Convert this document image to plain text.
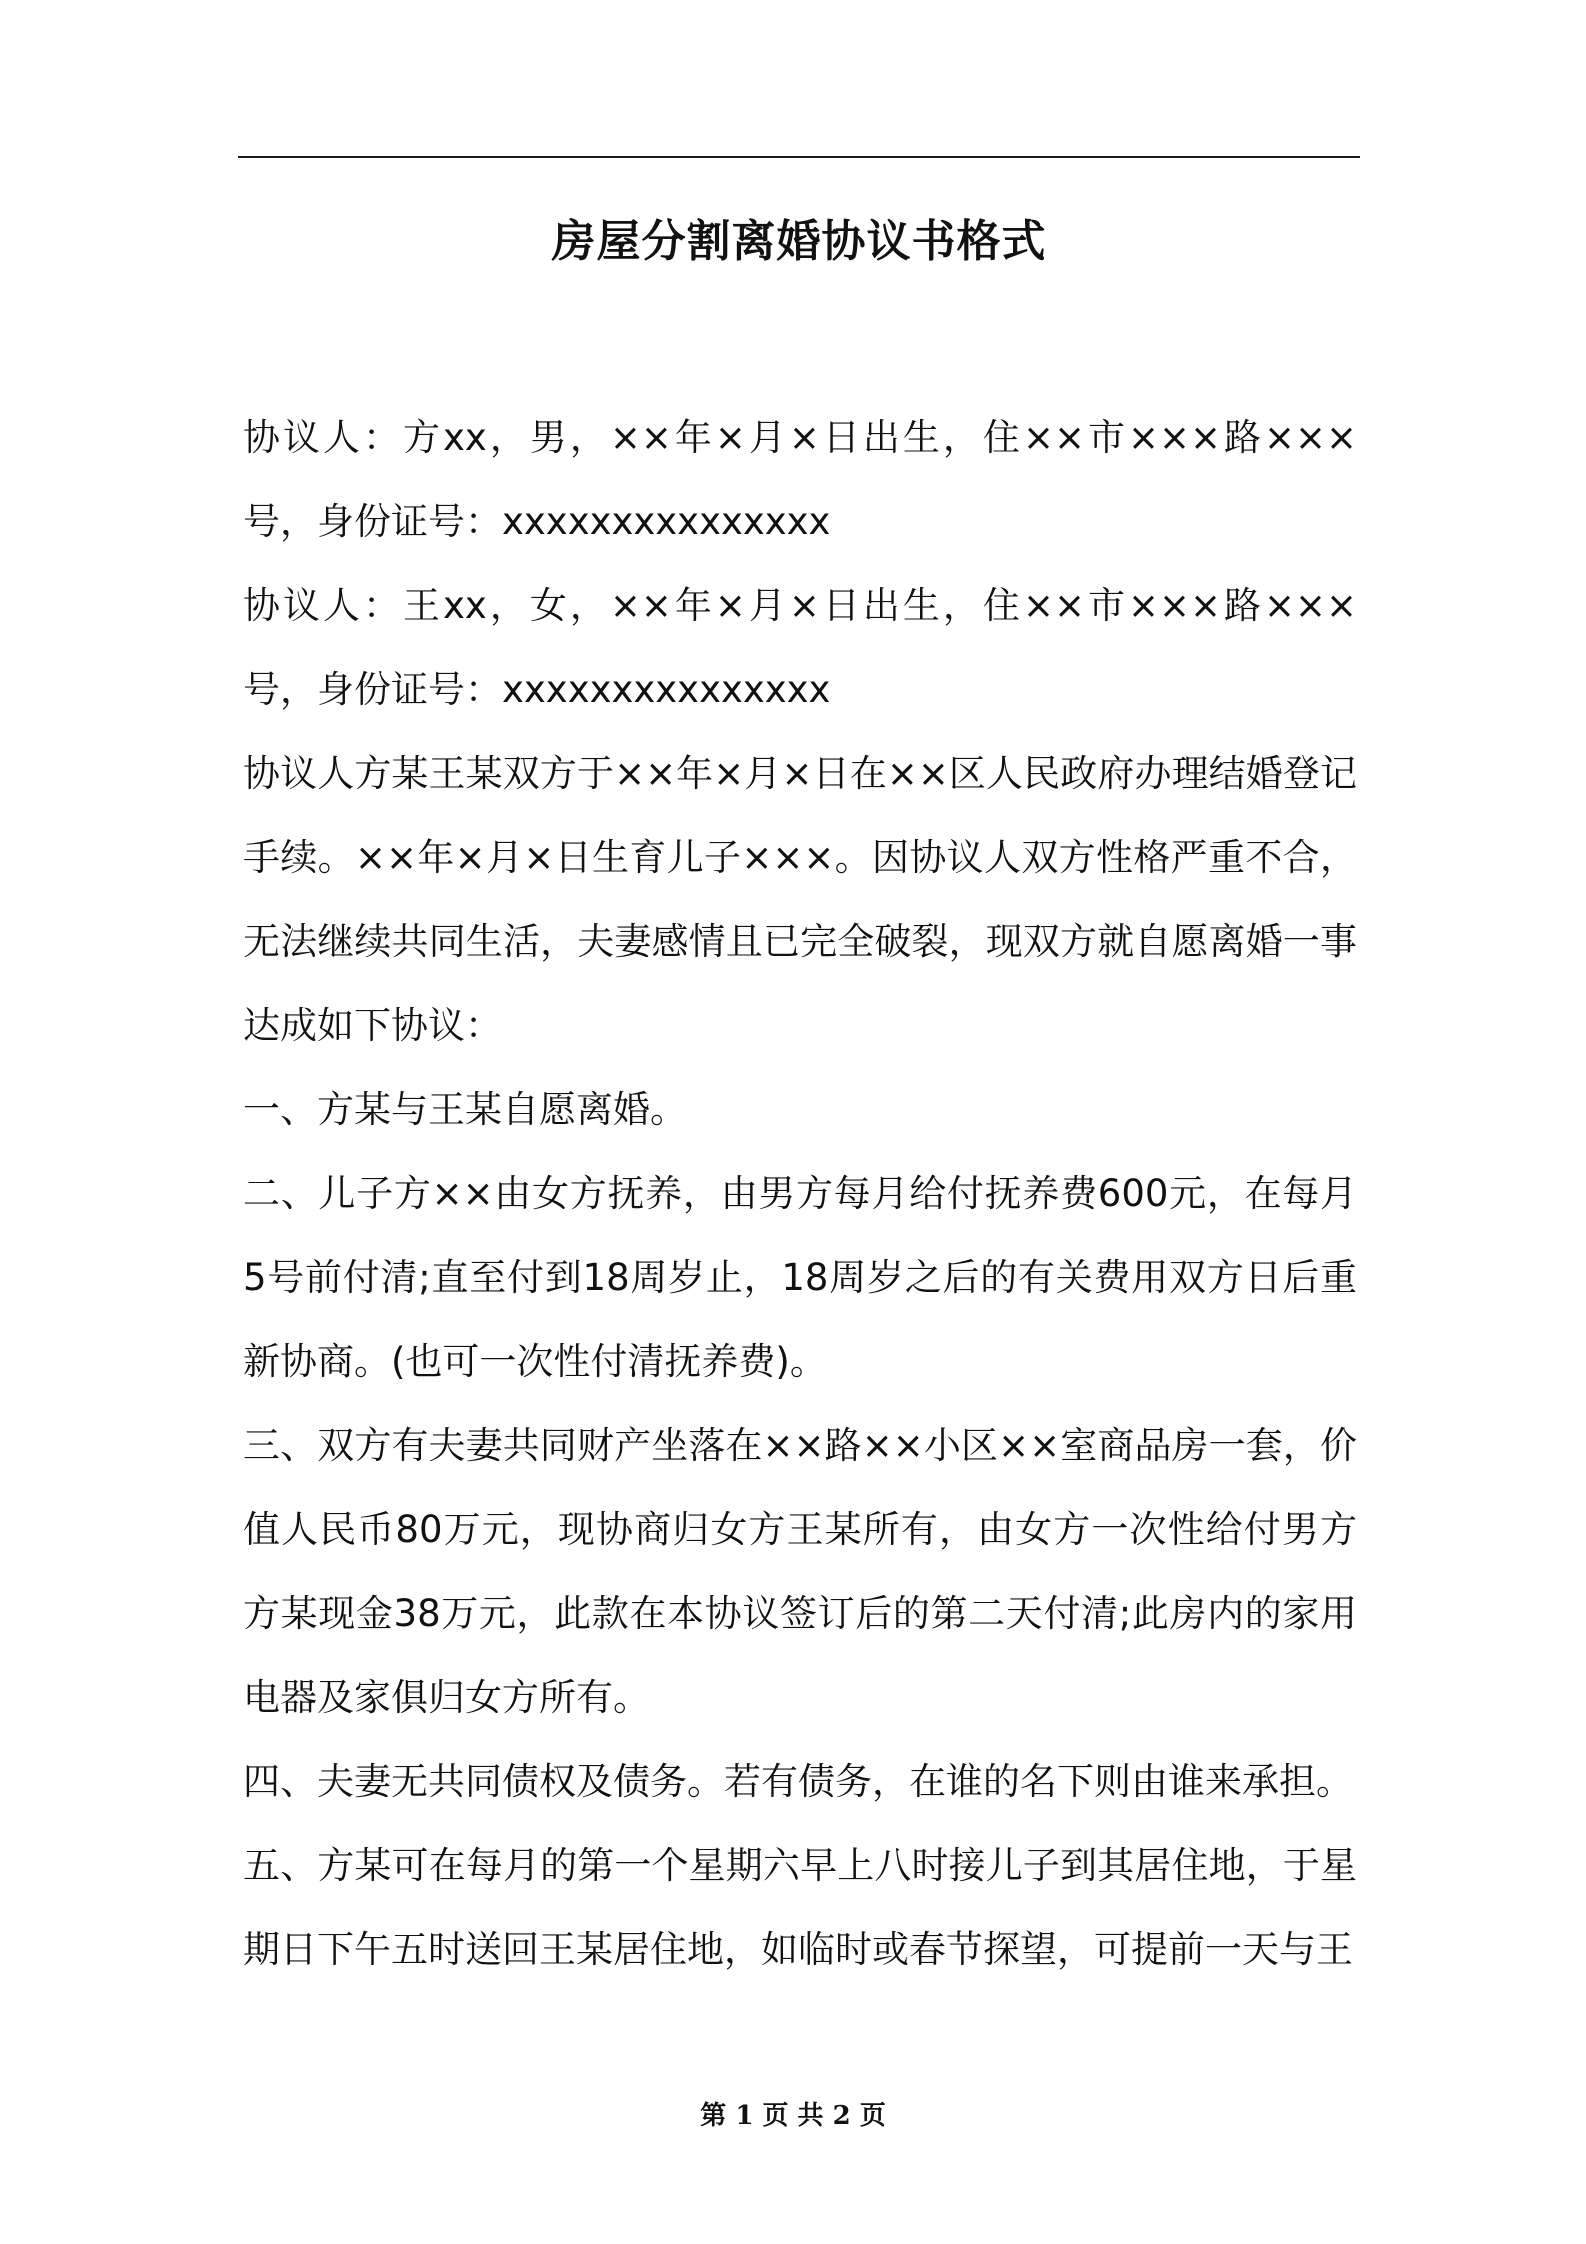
房屋分割离婚协议书格式

协议人：方xx，男，××年×月×日出生，住××市×××路×××号，身份证号：xxxxxxxxxxxxxxx

协议人：王xx，女，××年×月×日出生，住××市×××路×××号，身份证号：xxxxxxxxxxxxxxx

协议人方某王某双方于××年×月×日在××区人民政府办理结婚登记手续。××年×月×日生育儿子×××。因协议人双方性格严重不合，无法继续共同生活，夫妻感情且已完全破裂，现双方就自愿离婚一事达成如下协议：

一、方某与王某自愿离婚。

二、儿子方××由女方抚养，由男方每月给付抚养费600元，在每月5号前付清;直至付到18周岁止，18周岁之后的有关费用双方日后重新协商。(也可一次性付清抚养费)。

三、双方有夫妻共同财产坐落在××路××小区××室商品房一套，价值人民币80万元，现协商归女方王某所有，由女方一次性给付男方方某现金38万元，此款在本协议签订后的第二天付清;此房内的家用电器及家俱归女方所有。

四、夫妻无共同债权及债务。若有债务，在谁的名下则由谁来承担。

五、方某可在每月的第一个星期六早上八时接儿子到其居住地，于星期日下午五时送回王某居住地，如临时或春节探望，可提前一天与王

第 1 页 共 2 页
